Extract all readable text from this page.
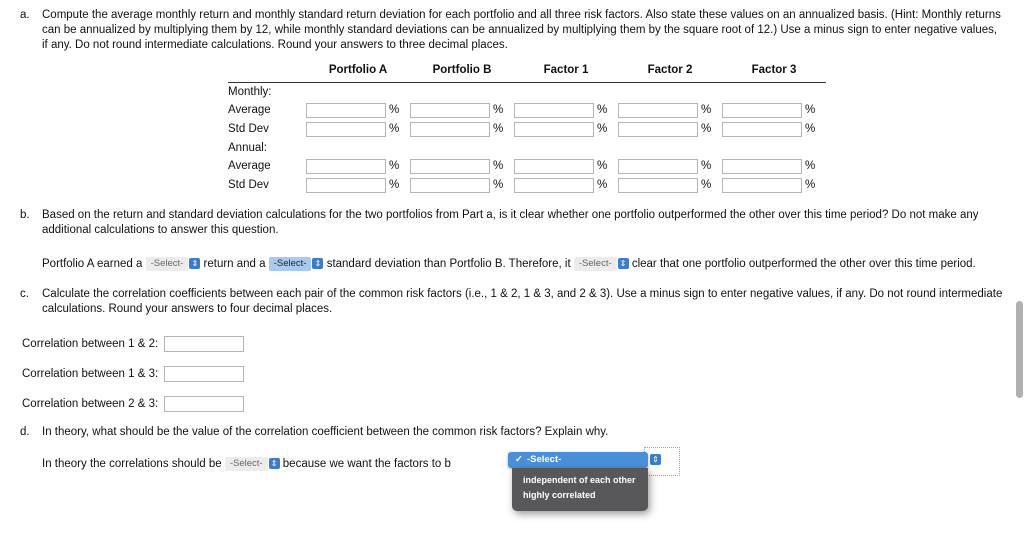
a.	Compute the average monthly return and monthly standard return deviation for each portfolio and all three risk factors. Also state these values on an annualized basis. (Hint: Monthly returns can be annualized by multiplying them by 12, while monthly standard deviations can be annualized by multiplying them by the square root of 12.) Use a minus sign to enter negative values, if any. Do not round intermediate calculations. Round your answers to three decimal places.
Portfolio A	Portfolio B	Factor 1	Factor 2	Factor 3
Monthly:
Average	%	%	%	%	%
Std Dev	%	%	%	%	%
Annual:
Average	%	%	%	%	%
Std Dev	%	%	%	%	%
b.	Based on the return and standard deviation calculations for the two portfolios from Part a, is it clear whether one portfolio outperformed the other over this time period? Do not make any additional calculations to answer this question.
Portfolio A earned a -Select- ⇕ return and a -Select- ⇕ standard deviation than Portfolio B. Therefore, it -Select- ⇕ clear that one portfolio outperformed the other over this time period.
c.	Calculate the correlation coefficients between each pair of the common risk factors (i.e., 1 & 2, 1 & 3, and 2 & 3). Use a minus sign to enter negative values, if any. Do not round intermediate calculations. Round your answers to four decimal places.
Correlation between 1 & 2:
Correlation between 1 & 3:
Correlation between 2 & 3:
d.	In theory, what should be the value of the correlation coefficient between the common risk factors? Explain why.
In theory the correlations should be -Select- ⇕ because we want the factors to b	✓ -Select-
independent of each other
highly correlated
⇕
